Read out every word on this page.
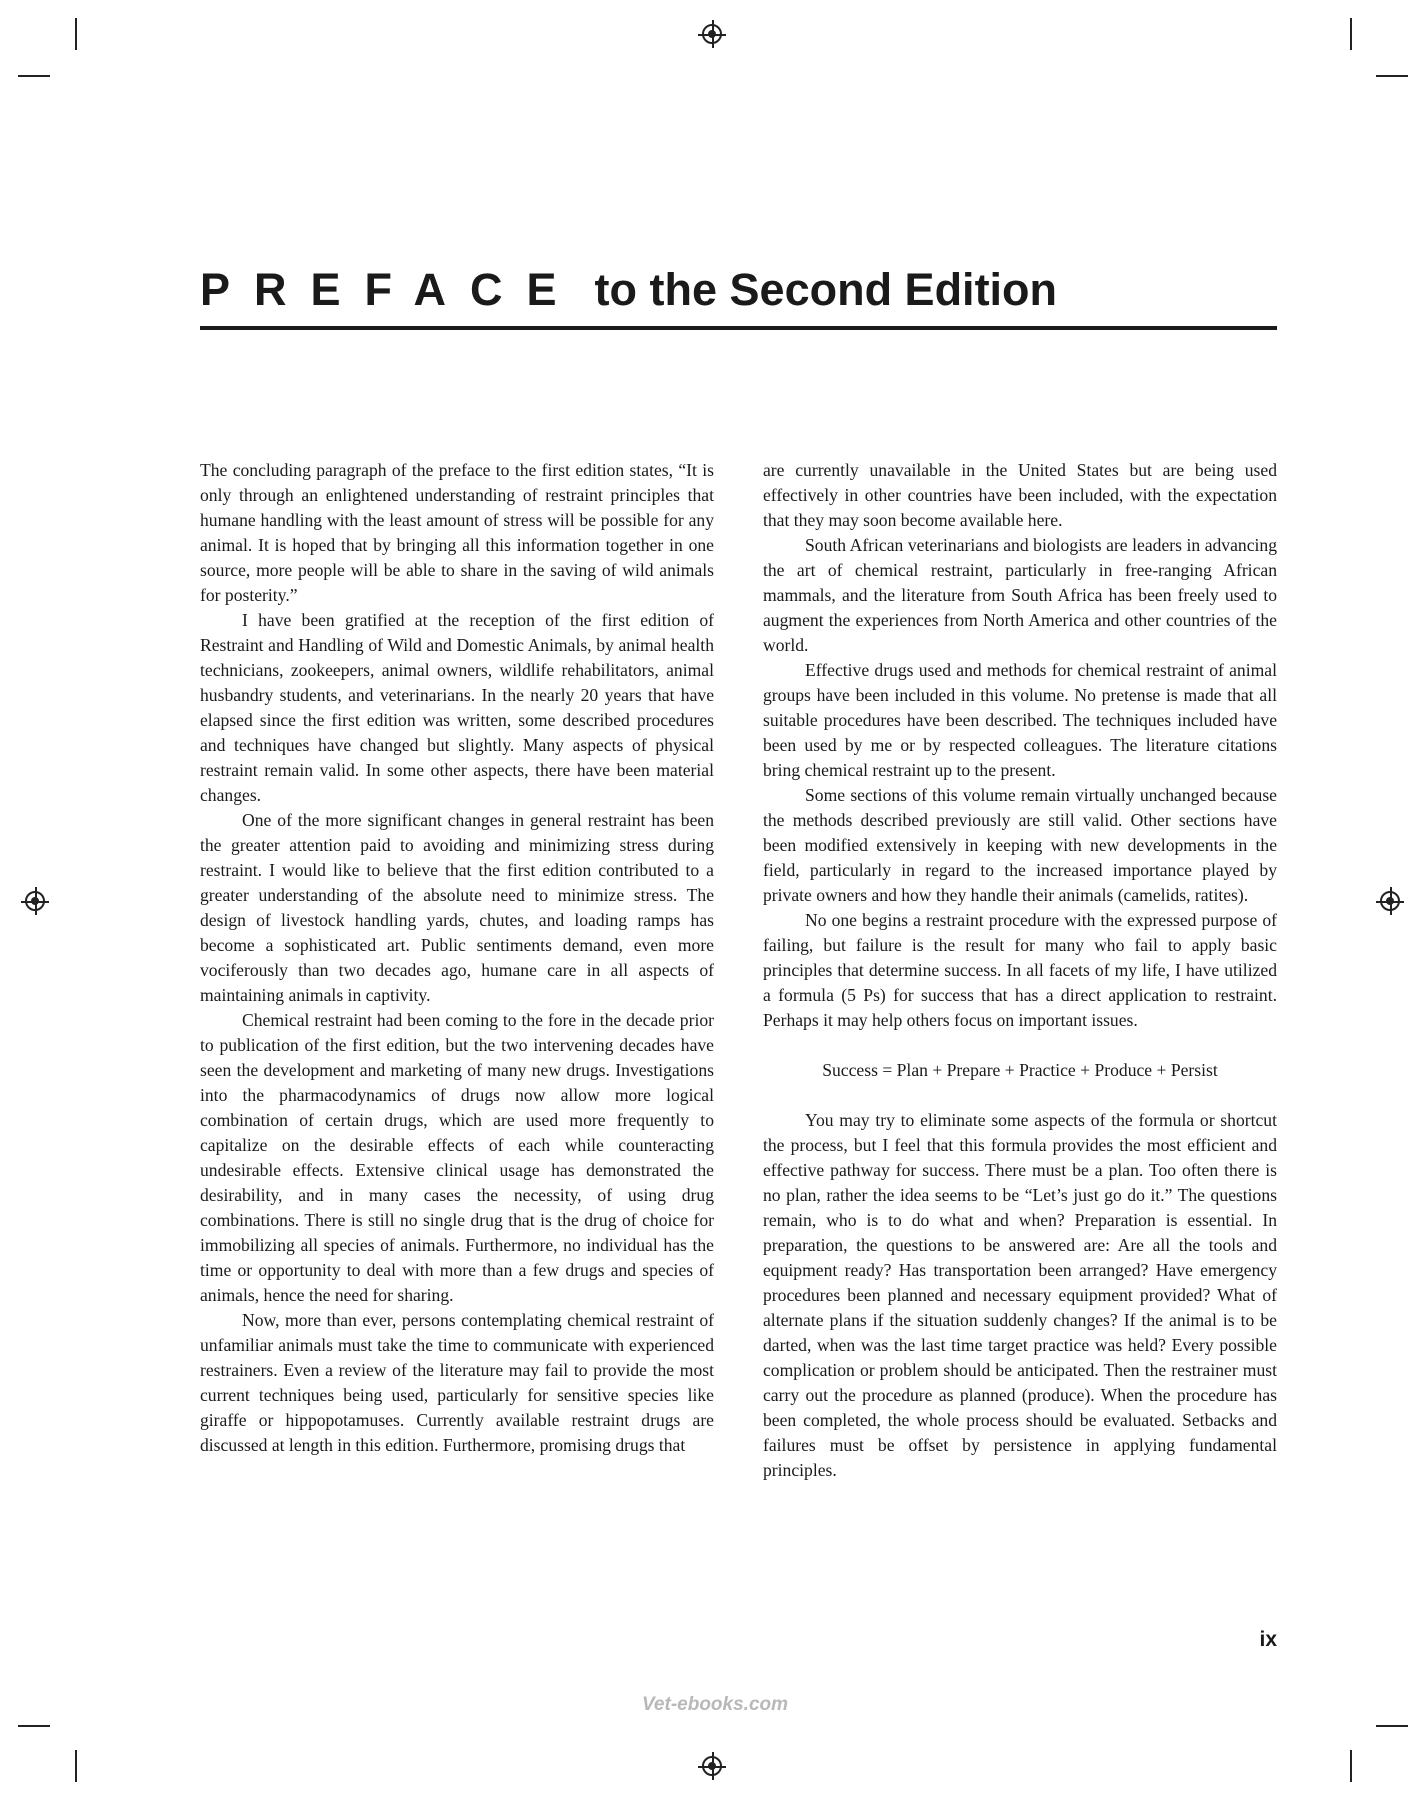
PREFACE to the Second Edition

The concluding paragraph of the preface to the first edition states, “It is only through an enlightened understanding of restraint principles that humane handling with the least amount of stress will be possible for any animal. It is hoped that by bringing all this information together in one source, more people will be able to share in the saving of wild animals for posterity.”

I have been gratified at the reception of the first edition of Restraint and Handling of Wild and Domestic Animals, by animal health technicians, zookeepers, animal owners, wildlife rehabilitators, animal husbandry students, and veterinarians. In the nearly 20 years that have elapsed since the first edition was written, some described procedures and techniques have changed but slightly. Many aspects of physical restraint remain valid. In some other aspects, there have been material changes.

One of the more significant changes in general restraint has been the greater attention paid to avoiding and minimizing stress during restraint. I would like to believe that the first edition contributed to a greater understanding of the absolute need to minimize stress. The design of livestock handling yards, chutes, and loading ramps has become a sophisticated art. Public sentiments demand, even more vociferously than two decades ago, humane care in all aspects of maintaining animals in captivity.

Chemical restraint had been coming to the fore in the decade prior to publication of the first edition, but the two intervening decades have seen the development and marketing of many new drugs. Investigations into the pharmacodynamics of drugs now allow more logical combination of certain drugs, which are used more frequently to capitalize on the desirable effects of each while counteracting undesirable effects. Extensive clinical usage has demonstrated the desirability, and in many cases the necessity, of using drug combinations. There is still no single drug that is the drug of choice for immobilizing all species of animals. Furthermore, no individual has the time or opportunity to deal with more than a few drugs and species of animals, hence the need for sharing.

Now, more than ever, persons contemplating chemical restraint of unfamiliar animals must take the time to communicate with experienced restrainers. Even a review of the literature may fail to provide the most current techniques being used, particularly for sensitive species like giraffe or hippopotamuses. Currently available restraint drugs are discussed at length in this edition. Furthermore, promising drugs that

are currently unavailable in the United States but are being used effectively in other countries have been included, with the expectation that they may soon become available here.

South African veterinarians and biologists are leaders in advancing the art of chemical restraint, particularly in free-ranging African mammals, and the literature from South Africa has been freely used to augment the experiences from North America and other countries of the world.

Effective drugs used and methods for chemical restraint of animal groups have been included in this volume. No pretense is made that all suitable procedures have been described. The techniques included have been used by me or by respected colleagues. The literature citations bring chemical restraint up to the present.

Some sections of this volume remain virtually unchanged because the methods described previously are still valid. Other sections have been modified extensively in keeping with new developments in the field, particularly in regard to the increased importance played by private owners and how they handle their animals (camelids, ratites).

No one begins a restraint procedure with the expressed purpose of failing, but failure is the result for many who fail to apply basic principles that determine success. In all facets of my life, I have utilized a formula (5 Ps) for success that has a direct application to restraint. Perhaps it may help others focus on important issues.

Success = Plan + Prepare + Practice + Produce + Persist

You may try to eliminate some aspects of the formula or shortcut the process, but I feel that this formula provides the most efficient and effective pathway for success. There must be a plan. Too often there is no plan, rather the idea seems to be “Let’s just go do it.” The questions remain, who is to do what and when? Preparation is essential. In preparation, the questions to be answered are: Are all the tools and equipment ready? Has transportation been arranged? Have emergency procedures been planned and necessary equipment provided? What of alternate plans if the situation suddenly changes? If the animal is to be darted, when was the last time target practice was held? Every possible complication or problem should be anticipated. Then the restrainer must carry out the procedure as planned (produce). When the procedure has been completed, the whole process should be evaluated. Setbacks and failures must be offset by persistence in applying fundamental principles.

ix
Vet-ebooks.com
